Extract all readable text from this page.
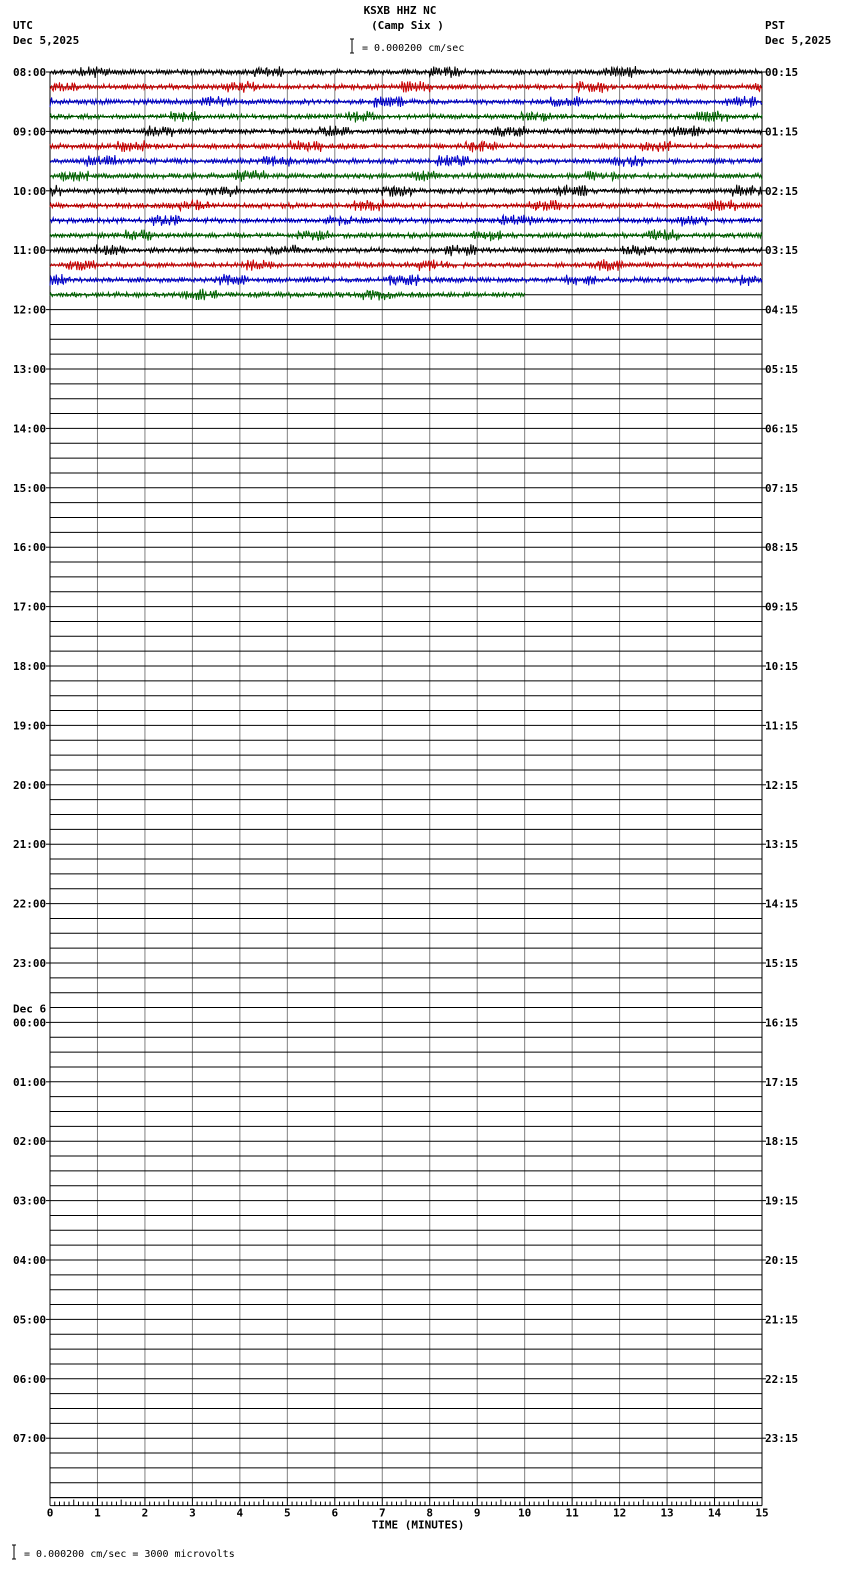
KSXB HHZ NC
(Camp Six )
= 0.000200 cm/sec
UTC
Dec 5,2025
PST
Dec 5,2025
= 0.000200 cm/sec = 3000 microvolts
08:00
09:00
10:00
11:00
12:00
13:00
14:00
15:00
16:00
17:00
18:00
19:00
20:00
21:00
22:00
23:00
00:00
01:00
02:00
03:00
04:00
05:00
06:00
07:00
Dec 6
00:15
01:15
02:15
03:15
04:15
05:15
06:15
07:15
08:15
09:15
10:15
11:15
12:15
13:15
14:15
15:15
16:15
17:15
18:15
19:15
20:15
21:15
22:15
23:15
0	1	2	3	4	5	6	7	8	9	10	11	12	13	14	15
TIME (MINUTES)
